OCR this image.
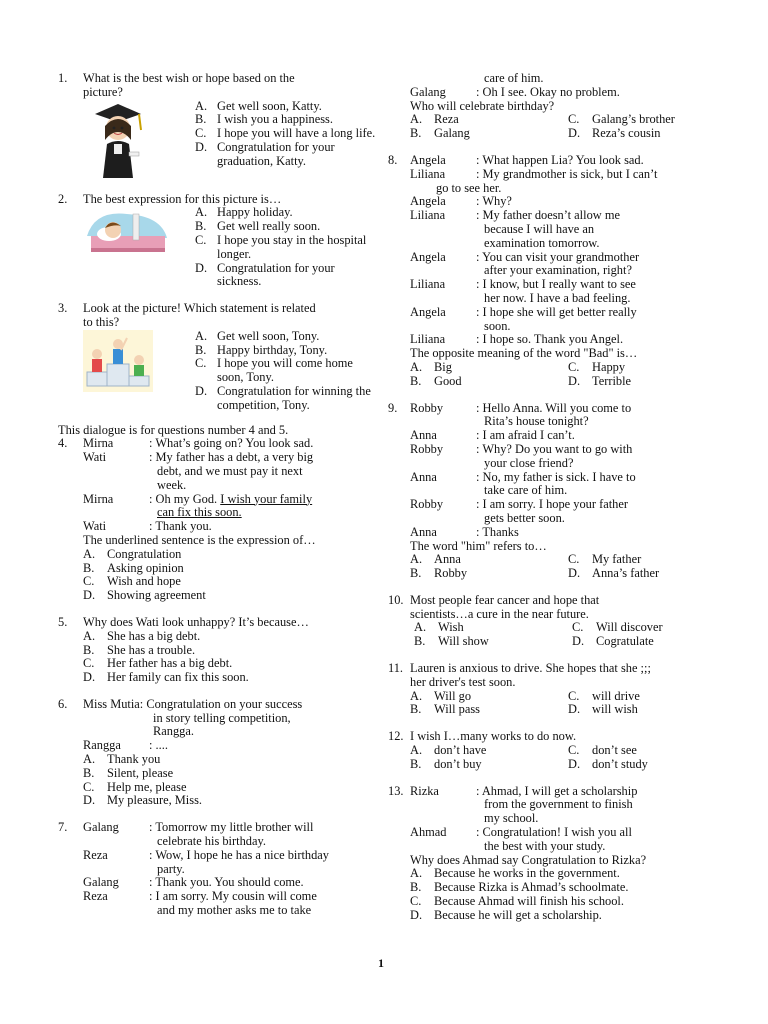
1.	What is the best wish or hope based on the
picture?
A. Get well soon, Katty.
B. I wish you a happiness.
C. I hope you will have a long life.
D. Congratulation for your graduation, Katty.
2.	The best expression for this picture is…
A. Happy holiday.
B. Get well really soon.
C. I hope you stay in the hospital longer.
D. Congratulation for your sickness.
3.	Look at the picture! Which statement is related
to this?
A. Get well soon, Tony.
B. Happy birthday, Tony.
C. I hope you will come home soon, Tony.
D. Congratulation for winning the competition, Tony.
This dialogue is for questions number 4 and 5.
4.	Mirna	: What’s going on? You look sad.
Wati	: My father has a debt, a very big
debt, and we must pay it next
week.
Mirna	: Oh my God. I wish your family
can fix this soon.
Wati	: Thank you.
The underlined sentence is the expression of…
A. Congratulation
B.	Asking opinion
C.	Wish and hope
D. Showing agreement
5.	Why does Wati look unhappy? It’s because…
A. She has a big debt.
B.	She has a trouble.
C.	Her father has a big debt.
D. Her family can fix this soon.
6.	Miss Mutia: Congratulation on your success
in story telling competition,
Rangga.
Rangga	: ....
A. Thank you
B.	Silent, please
C.	Help me, please
D. My pleasure, Miss.
7.	Galang	: Tomorrow my little brother will
celebrate his birthday.
Reza	: Wow, I hope he has a nice birthday
party.
Galang	: Thank you. You should come.
Reza	: I am sorry. My cousin will come
and my mother asks me to take
care of him.
Galang	: Oh I see. Okay no problem.
Who will celebrate birthday?
A. Reza	C.	Galang’s brother
B.	Galang	D. Reza’s cousin
8.	Angela	: What happen Lia? You look sad.
Liliana	: My grandmother is sick, but I can’t
go to see her.
Angela	: Why?
Liliana	: My father doesn’t allow me
because I will have an
examination tomorrow.
Angela	: You can visit your grandmother
after your examination, right?
Liliana	: I know, but I really want to see
her now. I have a bad feeling.
Angela	: I hope she will get better really
soon.
Liliana	: I hope so. Thank you Angel.
The opposite meaning of the word "Bad" is…
A. Big	C.	Happy
B.	Good	D. Terrible
9.	Robby	: Hello Anna. Will you come to
Rita’s house tonight?
Anna	: I am afraid I can’t.
Robby	: Why? Do you want to go with
your close friend?
Anna	: No, my father is sick. I have to
take care of him.
Robby	: I am sorry. I hope your father
gets better soon.
Anna	: Thanks
The word "him" refers to…
A. Anna	C.	My father
B.	Robby	D. Anna’s father
10. Most people fear cancer and hope that
scientists…a cure in the near future.
A. Wish	C.	Will discover
B.	Will show	D. Cogratulate
11. Lauren is anxious to drive. She hopes that she ;;;
her driver's test soon.
A. Will go	C.	will drive
B.	Will pass	D. will wish
12. I wish I…many works to do now.
A. don’t have	C.	don’t see
B.	don’t buy	D. don’t study
13. Rizka	: Ahmad, I will get a scholarship
from the government to finish
my school.
Ahmad	: Congratulation! I wish you all
the best with your study.
Why does Ahmad say Congratulation to Rizka?
A. Because he works in the government.
B.	Because Rizka is Ahmad’s schoolmate.
C.	Because Ahmad will finish his school.
D. Because he will get a scholarship.
1
